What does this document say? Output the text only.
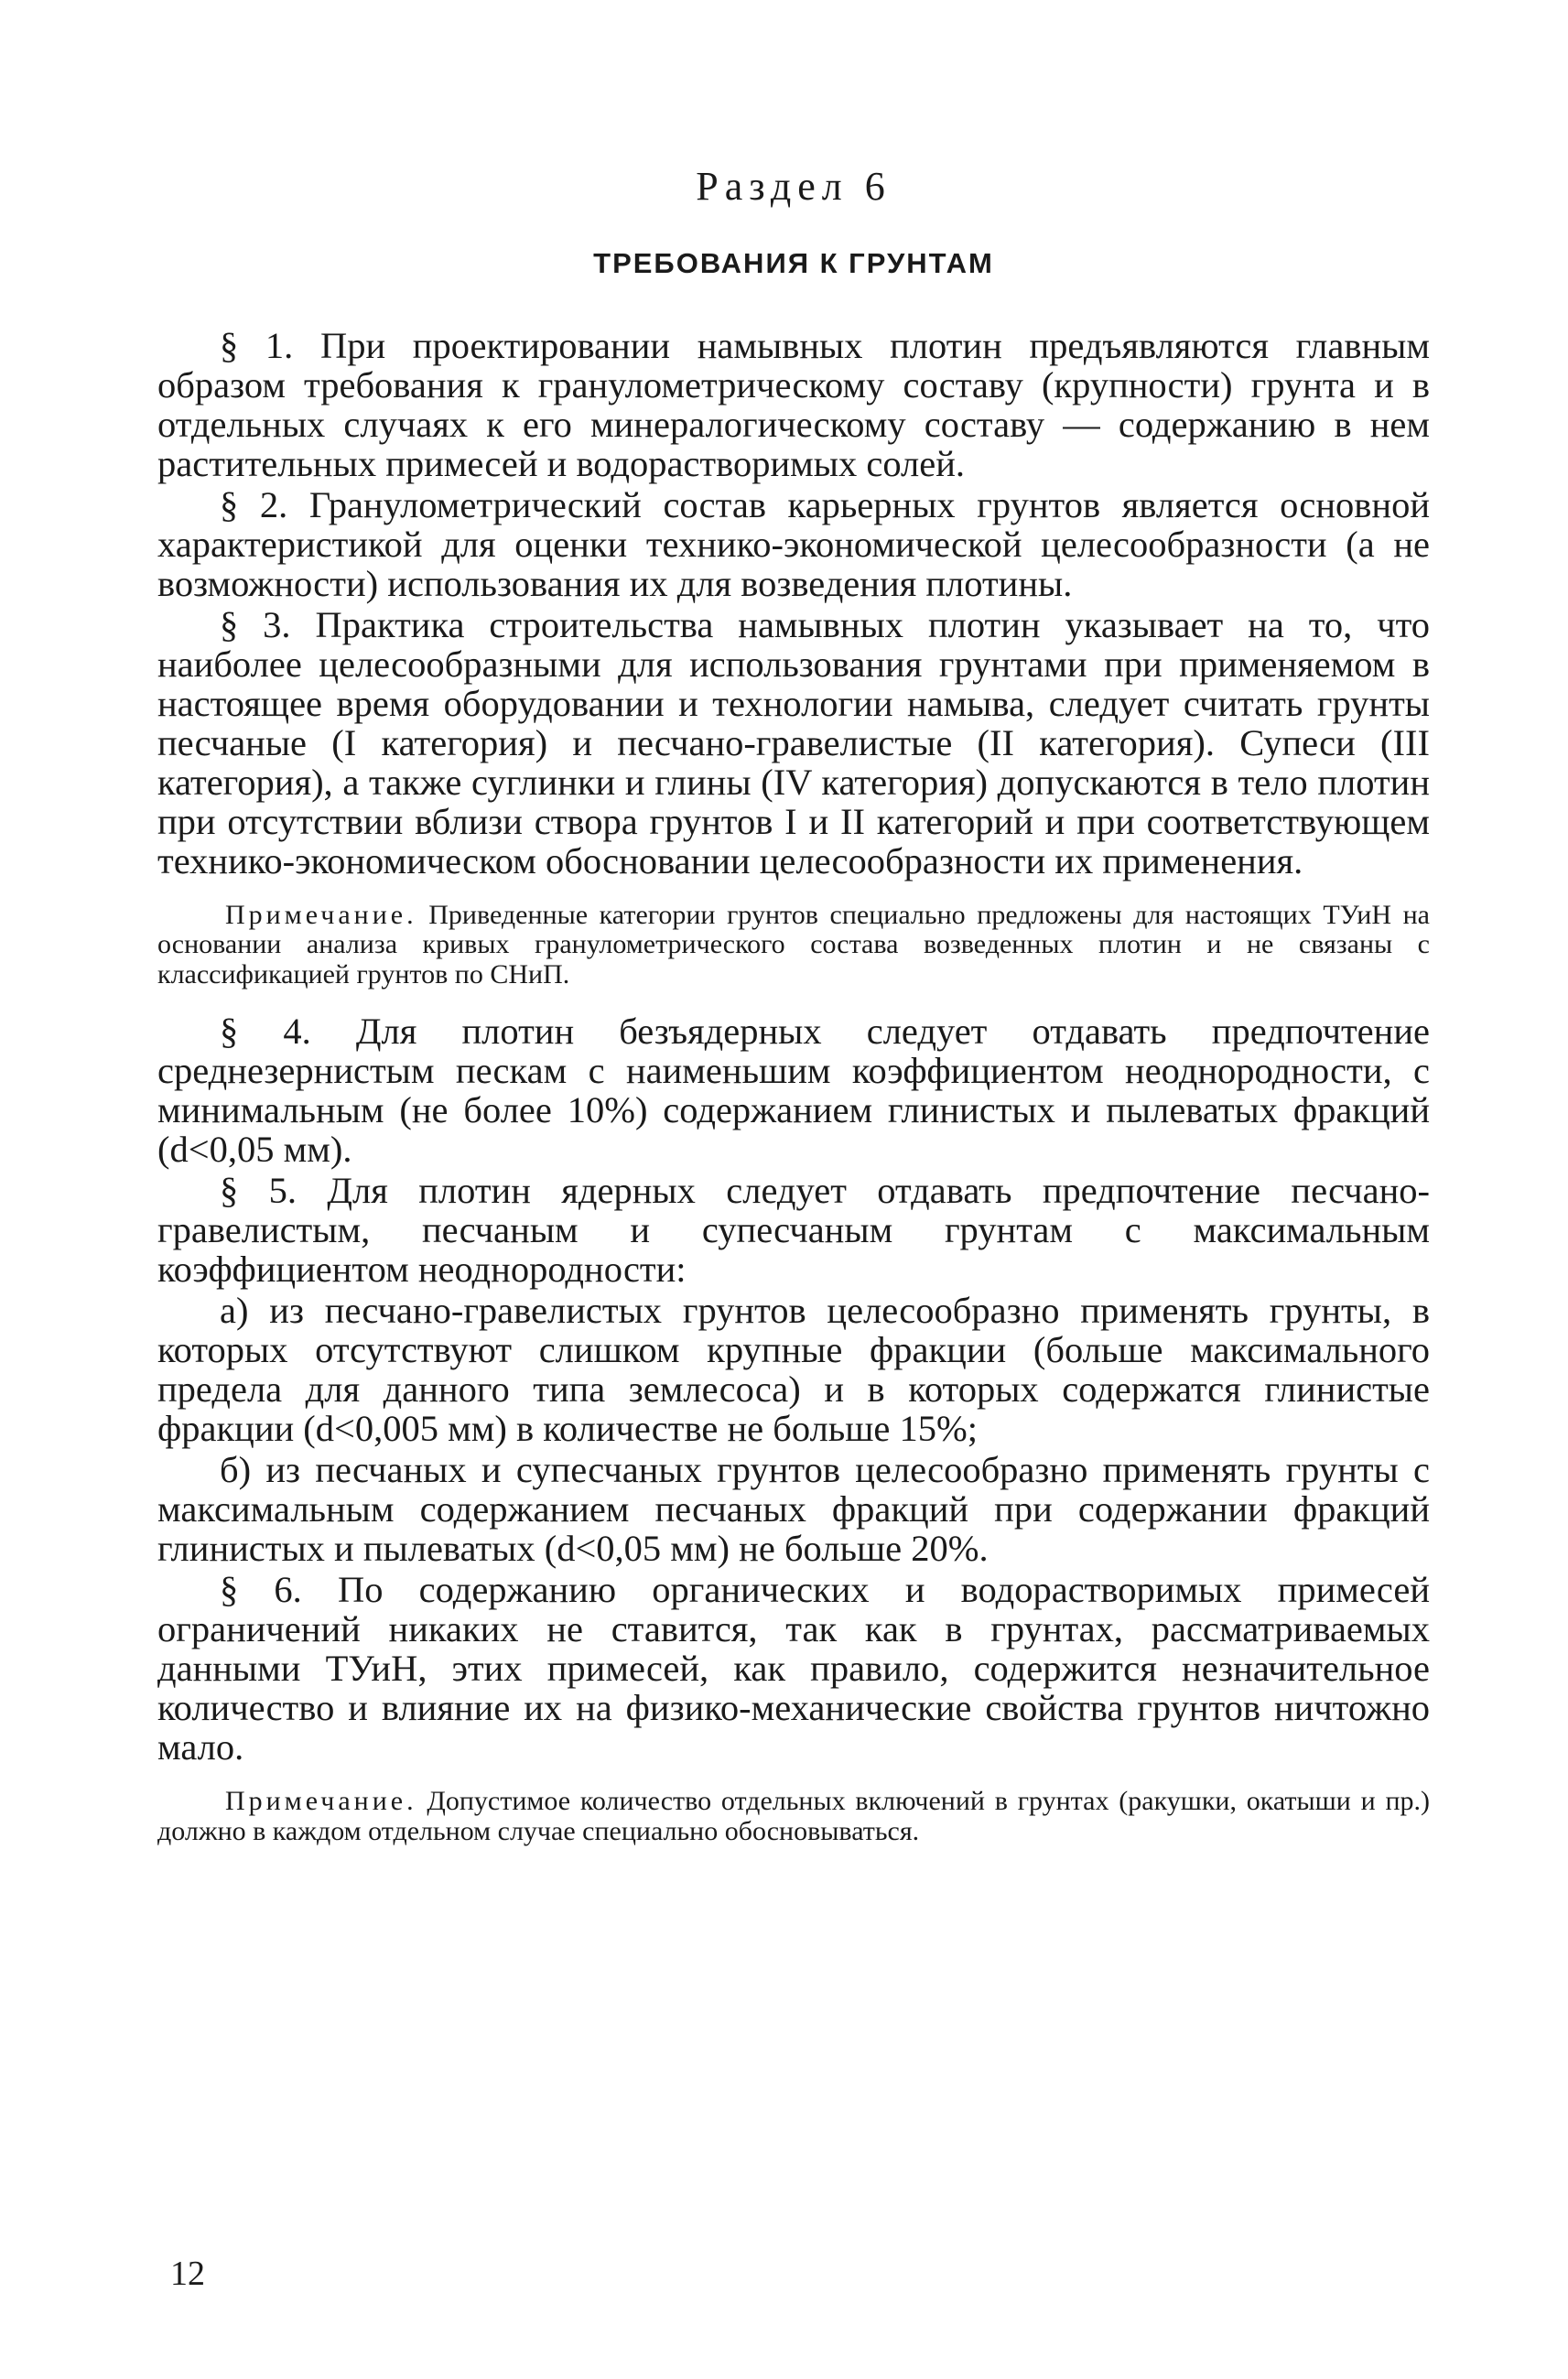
Раздел 6
ТРЕБОВАНИЯ К ГРУНТАМ

§ 1. При проектировании намывных плотин предъявляются главным образом требования к гранулометрическому составу (крупности) грунта и в отдельных случаях к его минералогическому составу — содержанию в нем растительных примесей и водорастворимых солей.

§ 2. Гранулометрический состав карьерных грунтов является основной характеристикой для оценки технико-экономической целесообразности (а не возможности) использования их для возведения плотины.

§ 3. Практика строительства намывных плотин указывает на то, что наиболее целесообразными для использования грунтами при применяемом в настоящее время оборудовании и технологии намыва, следует считать грунты песчаные (I категория) и песчано-гравелистые (II категория). Супеси (III категория), а также суглинки и глины (IV категория) допускаются в тело плотин при отсутствии вблизи створа грунтов I и II категорий и при соответствующем технико-экономическом обосновании целесообразности их применения.

Примечание. Приведенные категории грунтов специально предложены для настоящих ТУиН на основании анализа кривых гранулометрического состава возведенных плотин и не связаны с классификацией грунтов по СНиП.

§ 4. Для плотин безъядерных следует отдавать предпочтение среднезернистым пескам с наименьшим коэффициентом неоднородности, с минимальным (не более 10%) содержанием глинистых и пылеватых фракций (d<0,05 мм).

§ 5. Для плотин ядерных следует отдавать предпочтение песчано-гравелистым, песчаным и супесчаным грунтам с максимальным коэффициентом неоднородности:

а) из песчано-гравелистых грунтов целесообразно применять грунты, в которых отсутствуют слишком крупные фракции (больше максимального предела для данного типа землесоса) и в которых содержатся глинистые фракции (d<0,005 мм) в количестве не больше 15%;

б) из песчаных и супесчаных грунтов целесообразно применять грунты с максимальным содержанием песчаных фракций при содержании фракций глинистых и пылеватых (d<0,05 мм) не больше 20%.

§ 6. По содержанию органических и водорастворимых примесей ограничений никаких не ставится, так как в грунтах, рассматриваемых данными ТУиН, этих примесей, как правило, содержится незначительное количество и влияние их на физико-механические свойства грунтов ничтожно мало.

Примечание. Допустимое количество отдельных включений в грунтах (ракушки, окатыши и пр.) должно в каждом отдельном случае специально обосновываться.

12
